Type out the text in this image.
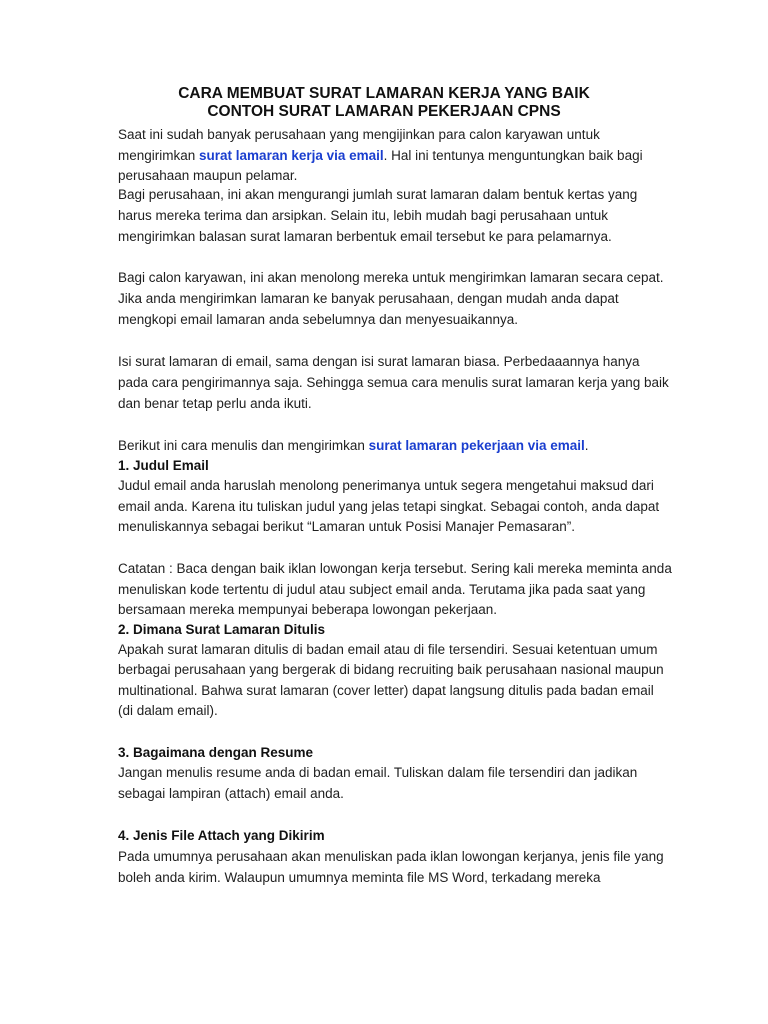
CARA MEMBUAT SURAT LAMARAN KERJA YANG BAIK
CONTOH SURAT LAMARAN PEKERJAAN CPNS
Saat ini sudah banyak perusahaan yang mengijinkan para calon karyawan untuk
mengirimkan surat lamaran kerja via email. Hal ini tentunya menguntungkan baik bagi
perusahaan maupun pelamar.
Bagi perusahaan, ini akan mengurangi jumlah surat lamaran dalam bentuk kertas yang
harus mereka terima dan arsipkan. Selain itu, lebih mudah bagi perusahaan untuk
mengirimkan balasan surat lamaran berbentuk email tersebut ke para pelamarnya.
Bagi calon karyawan, ini akan menolong mereka untuk mengirimkan lamaran secara cepat.
Jika anda mengirimkan lamaran ke banyak perusahaan, dengan mudah anda dapat
mengkopi email lamaran anda sebelumnya dan menyesuaikannya.
Isi surat lamaran di email, sama dengan isi surat lamaran biasa. Perbedaaannya hanya
pada cara pengirimannya saja. Sehingga semua cara menulis surat lamaran kerja yang baik
dan benar tetap perlu anda ikuti.
Berikut ini cara menulis dan mengirimkan surat lamaran pekerjaan via email.
1. Judul Email
Judul email anda haruslah menolong penerimanya untuk segera mengetahui maksud dari
email anda. Karena itu tuliskan judul yang jelas tetapi singkat. Sebagai contoh, anda dapat
menuliskannya sebagai berikut “Lamaran untuk Posisi Manajer Pemasaran”.
Catatan : Baca dengan baik iklan lowongan kerja tersebut. Sering kali mereka meminta anda
menuliskan kode tertentu di judul atau subject email anda. Terutama jika pada saat yang
bersamaan mereka mempunyai beberapa lowongan pekerjaan.
2. Dimana Surat Lamaran Ditulis
Apakah surat lamaran ditulis di badan email atau di file tersendiri. Sesuai ketentuan umum
berbagai perusahaan yang bergerak di bidang recruiting baik perusahaan nasional maupun
multinational. Bahwa surat lamaran (cover letter) dapat langsung ditulis pada badan email
(di dalam email).
3. Bagaimana dengan Resume
Jangan menulis resume anda di badan email. Tuliskan dalam file tersendiri dan jadikan
sebagai lampiran (attach) email anda.
4. Jenis File Attach yang Dikirim
Pada umumnya perusahaan akan menuliskan pada iklan lowongan kerjanya, jenis file yang
boleh anda kirim. Walaupun umumnya meminta file MS Word, terkadang mereka
